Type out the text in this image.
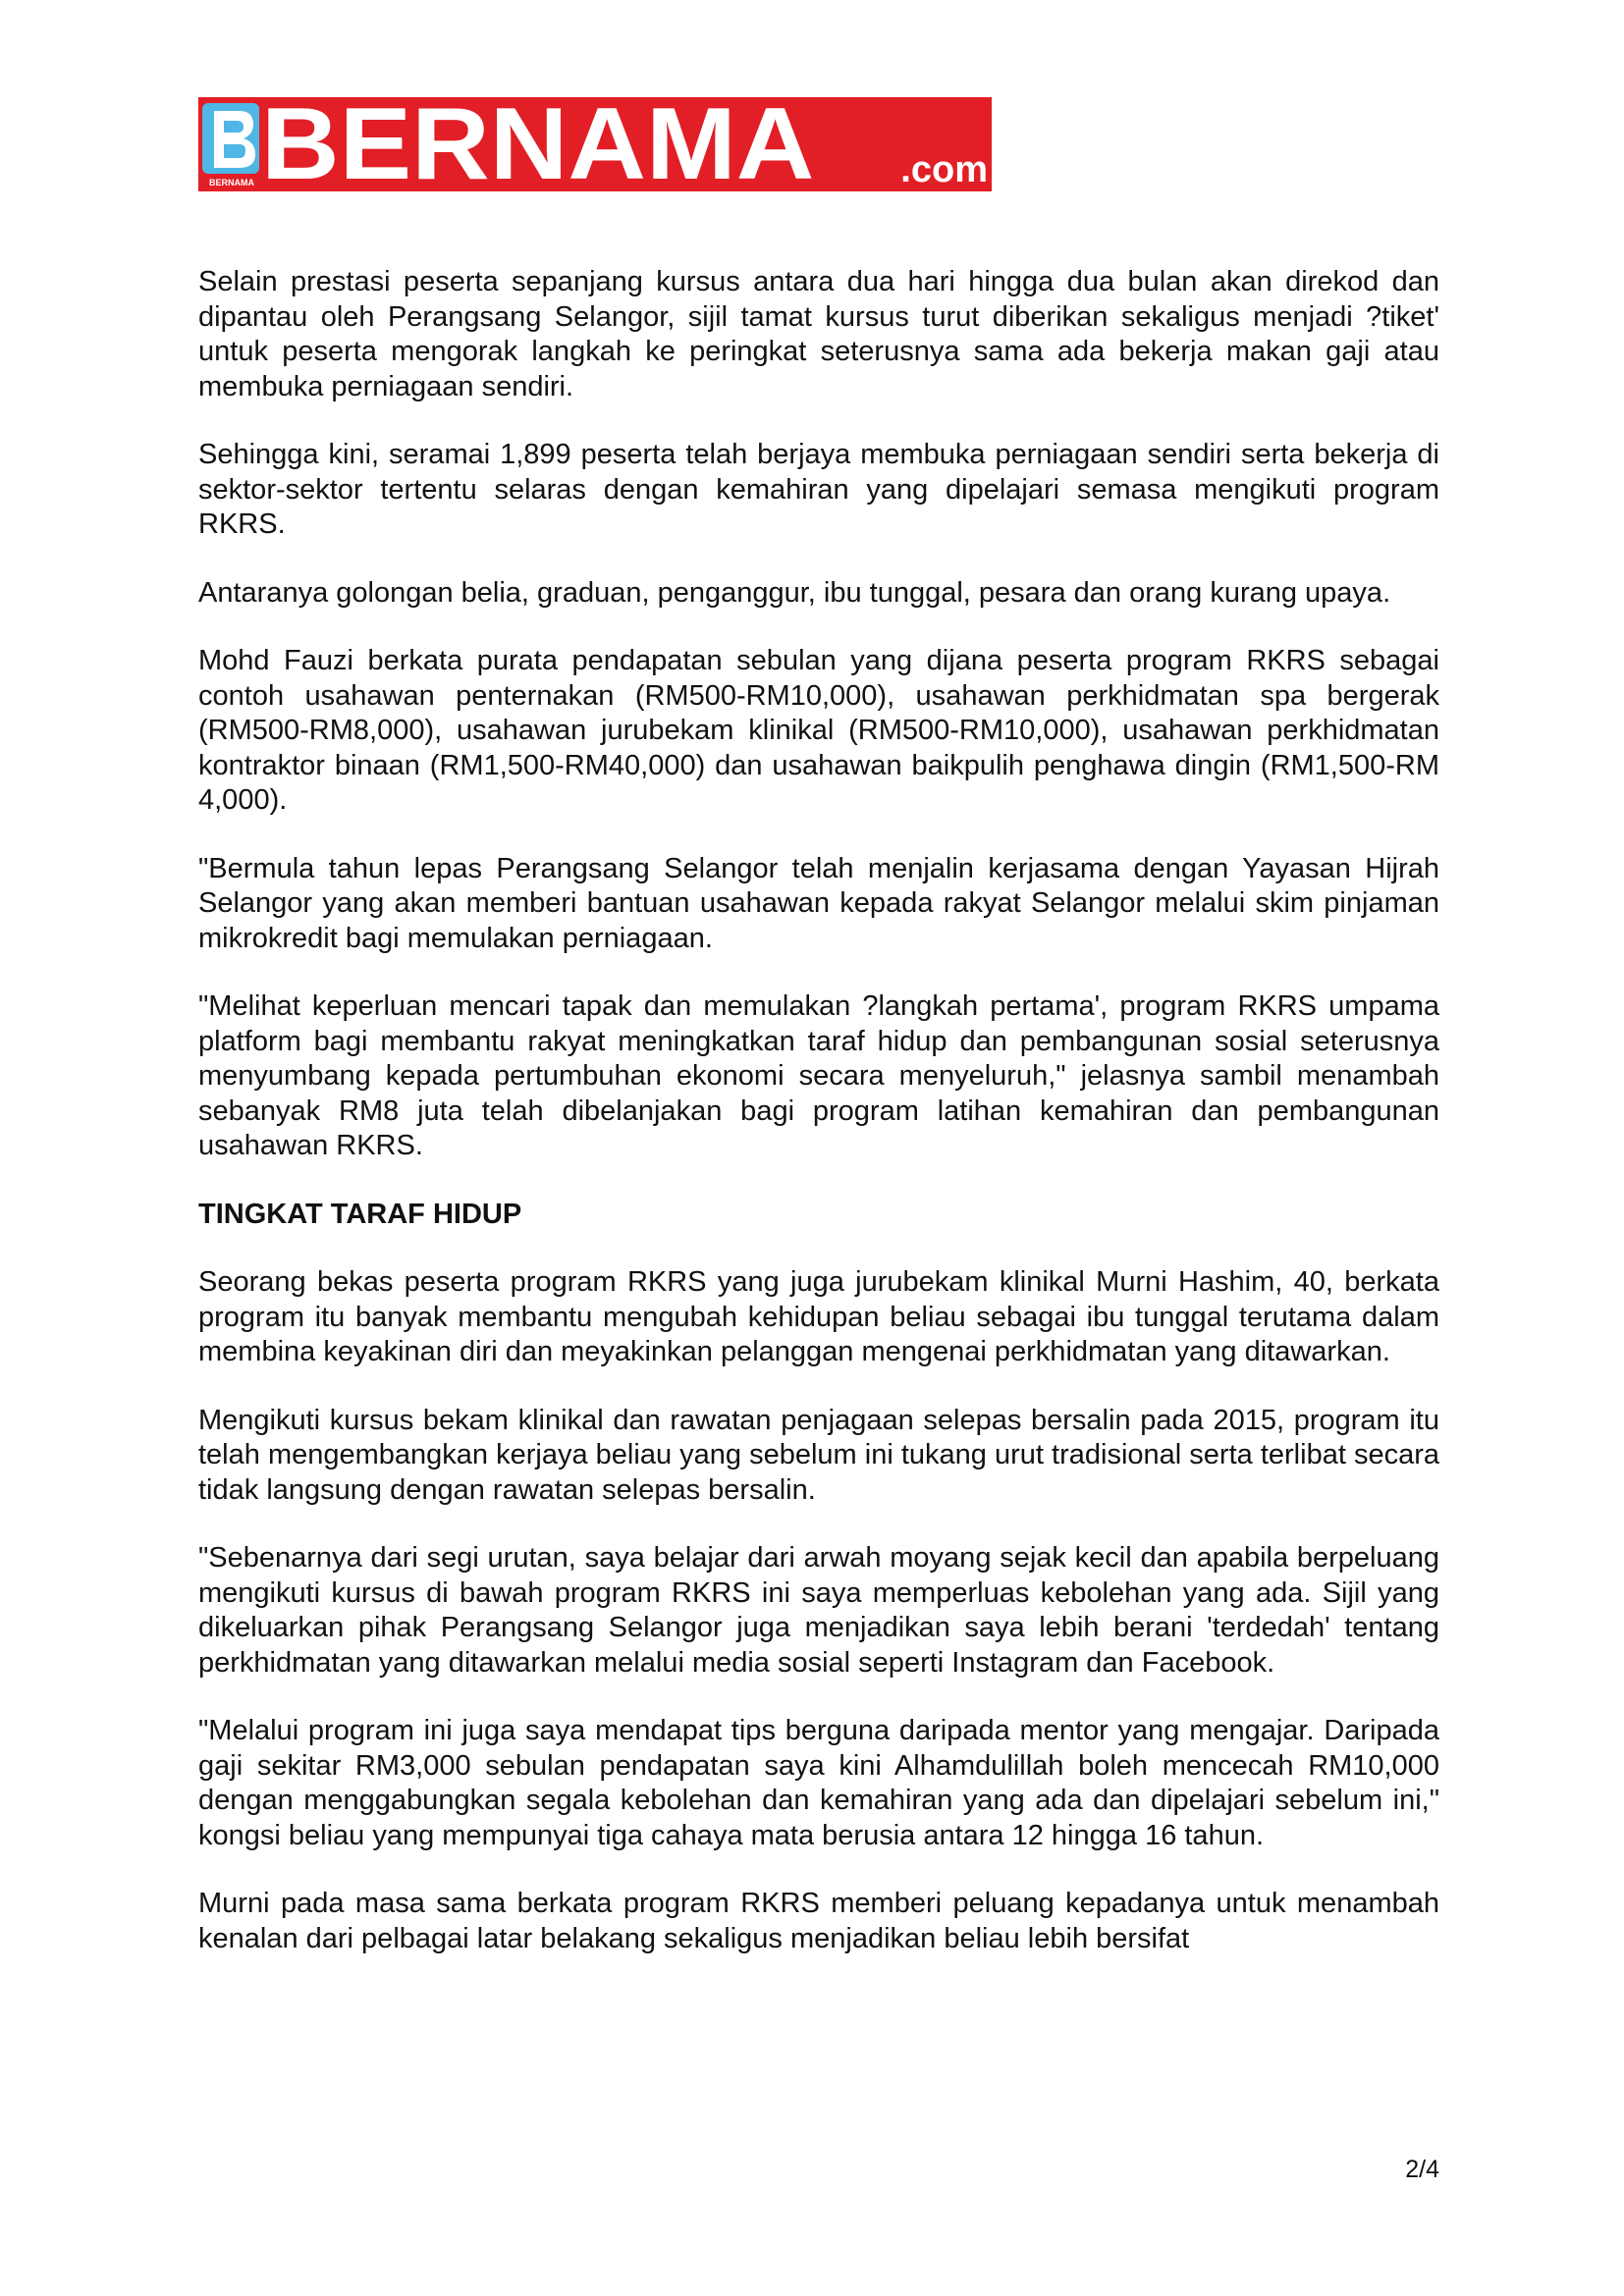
BERNAMA BERNAMA .com

Selain prestasi peserta sepanjang kursus antara dua hari hingga dua bulan akan direkod dan dipantau oleh Perangsang Selangor, sijil tamat kursus turut diberikan sekaligus menjadi ?tiket' untuk peserta mengorak langkah ke peringkat seterusnya sama ada bekerja makan gaji atau membuka perniagaan sendiri.

Sehingga kini, seramai 1,899 peserta telah berjaya membuka perniagaan sendiri serta bekerja di sektor-sektor tertentu selaras dengan kemahiran yang dipelajari semasa mengikuti program RKRS.

Antaranya golongan belia, graduan, penganggur, ibu tunggal, pesara dan orang kurang upaya.

Mohd Fauzi berkata purata pendapatan sebulan yang dijana peserta program RKRS sebagai contoh usahawan penternakan (RM500-RM10,000), usahawan perkhidmatan spa bergerak (RM500-RM8,000), usahawan jurubekam klinikal (RM500-RM10,000), usahawan perkhidmatan kontraktor binaan (RM1,500-RM40,000) dan usahawan baikpulih penghawa dingin (RM1,500-RM 4,000).

"Bermula tahun lepas Perangsang Selangor telah menjalin kerjasama dengan Yayasan Hijrah Selangor yang akan memberi bantuan usahawan kepada rakyat Selangor melalui skim pinjaman mikrokredit bagi memulakan perniagaan.

"Melihat keperluan mencari tapak dan memulakan ?langkah pertama', program RKRS umpama platform bagi membantu rakyat meningkatkan taraf hidup dan pembangunan sosial seterusnya menyumbang kepada pertumbuhan ekonomi secara menyeluruh," jelasnya sambil menambah sebanyak RM8 juta telah dibelanjakan bagi program latihan kemahiran dan pembangunan usahawan RKRS.

TINGKAT TARAF HIDUP

Seorang bekas peserta program RKRS yang juga jurubekam klinikal Murni Hashim, 40, berkata program itu banyak membantu mengubah kehidupan beliau sebagai ibu tunggal terutama dalam membina keyakinan diri dan meyakinkan pelanggan mengenai perkhidmatan yang ditawarkan.

Mengikuti kursus bekam klinikal dan rawatan penjagaan selepas bersalin pada 2015, program itu telah mengembangkan kerjaya beliau yang sebelum ini tukang urut tradisional serta terlibat secara tidak langsung dengan rawatan selepas bersalin.

"Sebenarnya dari segi urutan, saya belajar dari arwah moyang sejak kecil dan apabila berpeluang mengikuti kursus di bawah program RKRS ini saya memperluas kebolehan yang ada. Sijil yang dikeluarkan pihak Perangsang Selangor juga menjadikan saya lebih berani 'terdedah' tentang perkhidmatan yang ditawarkan melalui media sosial seperti Instagram dan Facebook.

"Melalui program ini juga saya mendapat tips berguna daripada mentor yang mengajar. Daripada gaji sekitar RM3,000 sebulan pendapatan saya kini Alhamdulillah boleh mencecah RM10,000 dengan menggabungkan segala kebolehan dan kemahiran yang ada dan dipelajari sebelum ini," kongsi beliau yang mempunyai tiga cahaya mata berusia antara 12 hingga 16 tahun.

Murni pada masa sama berkata program RKRS memberi peluang kepadanya untuk menambah kenalan dari pelbagai latar belakang sekaligus menjadikan beliau lebih bersifat

2/4
